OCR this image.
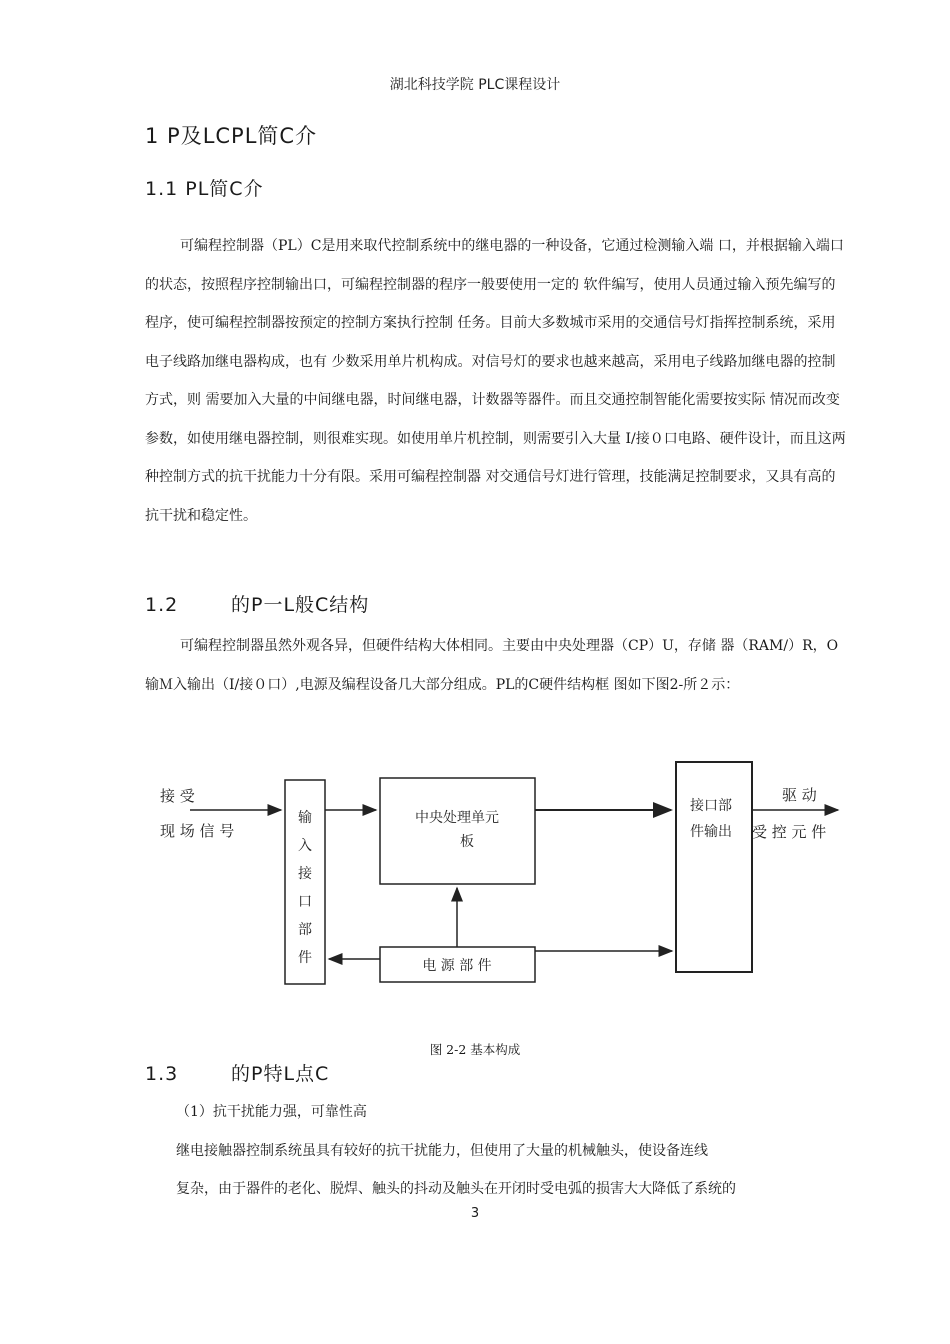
湖北科技学院 PLC课程设计
1 P及LCPL简C介
1.1 PL简C介

可编程控制器（PL）C是用来取代控制系统中的继电器的一种设备，它通过检测输入端 口，并根据输入端口的状态，按照程序控制输出口，可编程控制器的程序一般要使用一定的 软件编写，使用人员通过输入预先编写的程序，使可编程控制器按预定的控制方案执行控制 任务。目前大多数城市采用的交通信号灯指挥控制系统，采用电子线路加继电器构成，也有 少数采用单片机构成。对信号灯的要求也越来越高，采用电子线路加继电器的控制方式，则 需要加入大量的中间继电器，时间继电器，计数器等器件。而且交通控制智能化需要按实际 情况而改变参数，如使用继电器控制，则很难实现。如使用单片机控制，则需要引入大量 I/接０口电路、硬件设计，而且这两种控制方式的抗干扰能力十分有限。采用可编程控制器 对交通信号灯进行管理，技能满足控制要求，又具有高的抗干扰和稳定性。

1.2	的P一L般C结构

可编程控制器虽然外观各异，但硬件结构大体相同。主要由中央处理器（CP）U，存储 器（RAM/）R，O输Ｍ入输出（I/接０口）,电源及编程设备几大部分组成。PL的C硬件结构框 图如下图2-所２示：

接 受
现 场 信 号
输
入
接
口
部
件
中央处理单元
板
接口部
件输出
驱 动
受 控 元 件
电 源 部 件
图 2-2 基本构成
1.3	的P特L点C
（1）抗干扰能力强，可靠性高
继电接触器控制系统虽具有较好的抗干扰能力，但使用了大量的机械触头，使设备连线
复杂，由于器件的老化、脱焊、触头的抖动及触头在开闭时受电弧的损害大大降低了系统的
3
